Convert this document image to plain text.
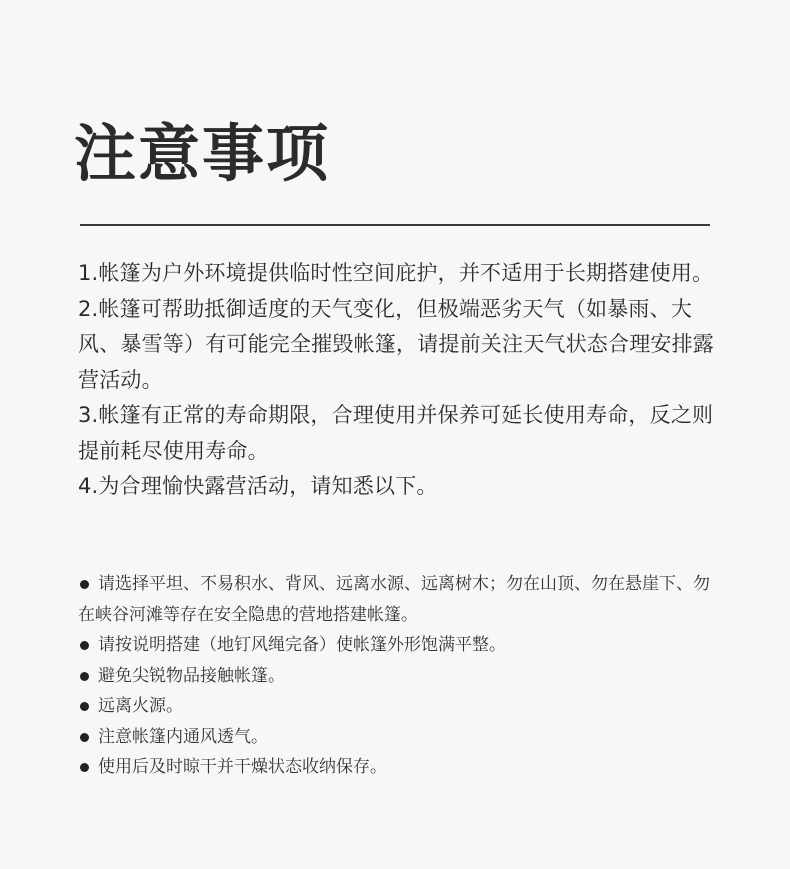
注意事项
1.帐篷为户外环境提供临时性空间庇护，并不适用于长期搭建使用。
2.帐篷可帮助抵御适度的天气变化，但极端恶劣天气（如暴雨、大风、暴雪等）有可能完全摧毁帐篷，请提前关注天气状态合理安排露营活动。
3.帐篷有正常的寿命期限，合理使用并保养可延长使用寿命，反之则提前耗尽使用寿命。
4.为合理愉快露营活动，请知悉以下。
请选择平坦、不易积水、背风、远离水源、远离树木；勿在山顶、勿在悬崖下、勿在峡谷河滩等存在安全隐患的营地搭建帐篷。
请按说明搭建（地钉风绳完备）使帐篷外形饱满平整。
避免尖锐物品接触帐篷。
远离火源。
注意帐篷内通风透气。
使用后及时晾干并干燥状态收纳保存。
